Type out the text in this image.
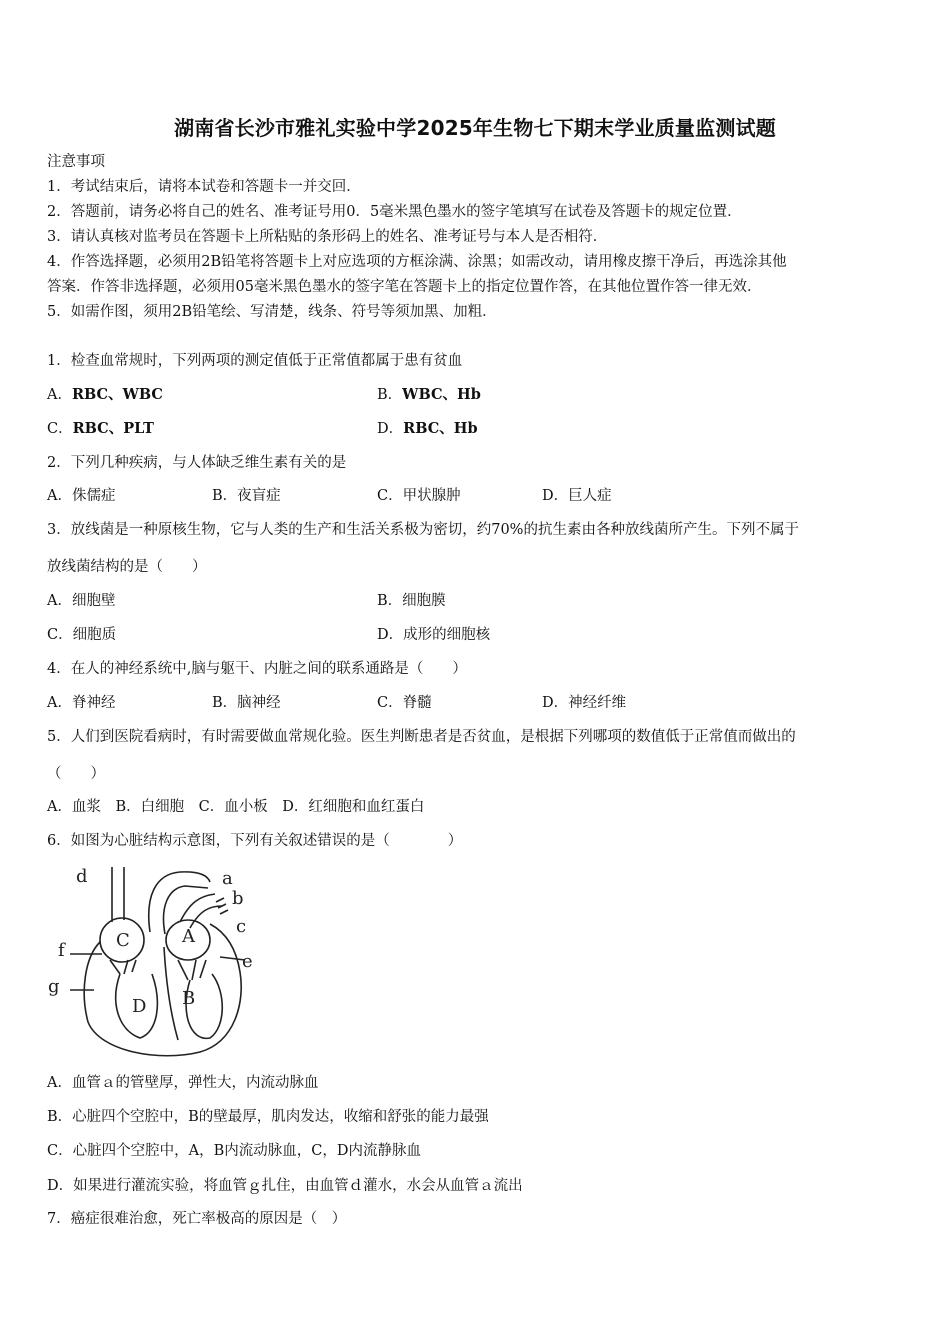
湖南省长沙市雅礼实验中学2025年生物七下期末学业质量监测试题
注意事项
1．考试结束后，请将本试卷和答题卡一并交回．
2．答题前，请务必将自己的姓名、准考证号用0．5毫米黑色墨水的签字笔填写在试卷及答题卡的规定位置．
3．请认真核对监考员在答题卡上所粘贴的条形码上的姓名、准考证号与本人是否相符．
4．作答选择题，必须用2B铅笔将答题卡上对应选项的方框涂满、涂黑；如需改动，请用橡皮擦干净后，再选涂其他
答案．作答非选择题，必须用05毫米黑色墨水的签字笔在答题卡上的指定位置作答，在其他位置作答一律无效．
5．如需作图，须用2B铅笔绘、写清楚，线条、符号等须加黑、加粗．
1．检查血常规时，下列两项的测定值低于正常值都属于患有贫血
A．RBC、WBC	B．WBC、Hb
C．RBC、PLT	D．RBC、Hb
2．下列几种疾病，与人体缺乏维生素有关的是
A．侏儒症	B．夜盲症	C．甲状腺肿	D．巨人症
3．放线菌是一种原核生物，它与人类的生产和生活关系极为密切，约70%的抗生素由各种放线菌所产生。下列不属于
放线菌结构的是（　　）
A．细胞壁	B．细胞膜
C．细胞质	D．成形的细胞核
4．在人的神经系统中,脑与躯干、内脏之间的联系通路是（　　）
A．脊神经	B．脑神经	C．脊髓	D．神经纤维
5．人们到医院看病时，有时需要做血常规化验。医生判断患者是否贫血，是根据下列哪项的数值低于正常值而做出的
（　　）
A．血浆　B．白细胞　C．血小板　D．红细胞和血红蛋白
6．如图为心脏结构示意图，下列有关叙述错误的是（　　　　）
d	a
b
c
C	A
f
e
g
D B
A．血管ａ的管壁厚，弹性大，内流动脉血
B．心脏四个空腔中，B的壁最厚，肌肉发达，收缩和舒张的能力最强
C．心脏四个空腔中，A，B内流动脉血，C，D内流静脉血
D．如果进行灌流实验，将血管ｇ扎住，由血管ｄ灌水，水会从血管ａ流出
7．癌症很难治愈，死亡率极高的原因是（　）
